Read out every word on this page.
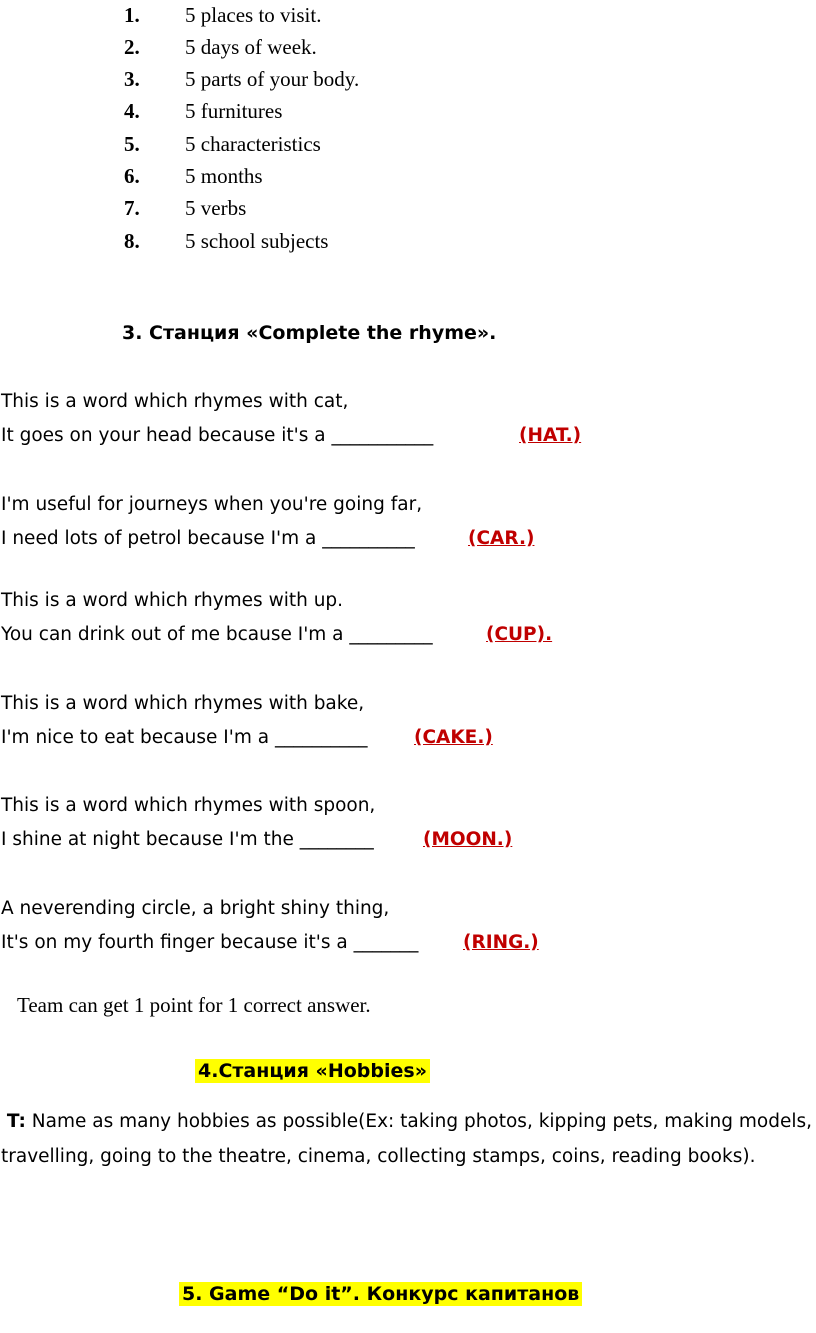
1. 5 places to visit.
2. 5 days of week.
3. 5 parts of your body.
4. 5 furnitures
5. 5 characteristics
6. 5 months
7. 5 verbs
8. 5 school subjects
3. Станция «Complete the rhyme».
This is a word which rhymes with cat,
It goes on your head because it's a ___________	(HAT.)
I'm useful for journeys when you're going far,
I need lots of petrol because I'm a __________	(CAR.)
This is a word which rhymes with up.
You can drink out of me bcause I'm a _________	(CUP).
This is a word which rhymes with bake,
I'm nice to eat because I'm a __________	(CAKE.)
This is a word which rhymes with spoon,
I shine at night because I'm the ________	(MOON.)
A neverending circle, a bright shiny thing,
It's on my fourth finger because it's a _______ (RING.)
Team can get 1 point for 1 correct answer.
4.Станция «Hobbies»
T: Name as many hobbies as possible(Ex: taking photos, kipping pets, making models, travelling, going to the theatre, cinema, collecting stamps, coins, reading books).
5. Game “Do it”. Конкурс капитанов
